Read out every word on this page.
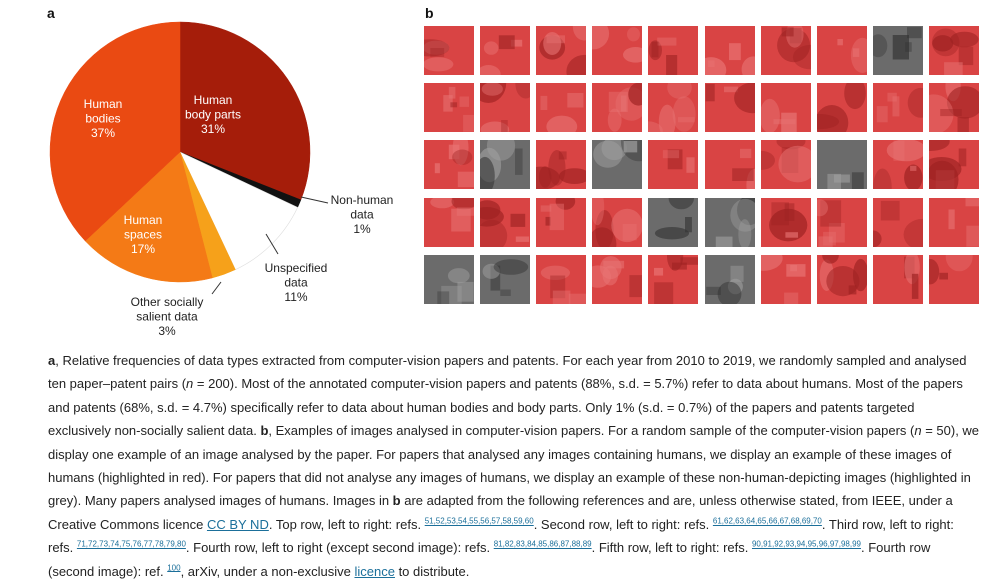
a	b
Human body parts 31%
Non-human data 1%
Unspecified data 11%
Other socially salient data 3%
Human spaces 17%
Human bodies 37%

a, Relative frequencies of data types extracted from computer-vision papers and patents. For each year from 2010 to 2019, we randomly sampled and analysed ten paper–patent pairs (n = 200). Most of the annotated computer-vision papers and patents (88%, s.d. = 5.7%) refer to data about humans. Most of the papers and patents (68%, s.d. = 4.7%) specifically refer to data about human bodies and body parts. Only 1% (s.d. = 0.7%) of the papers and patents targeted exclusively non-socially salient data. b, Examples of images analysed in computer-vision papers. For a random sample of the computer-vision papers (n = 50), we display one example of an image analysed by the paper. For papers that analysed any images containing humans, we display an example of these images of humans (highlighted in red). For papers that did not analyse any images of humans, we display an example of these non-human-depicting images (highlighted in grey). Many papers analysed images of humans. Images in b are adapted from the following references and are, unless otherwise stated, from IEEE, under a Creative Commons licence CC BY ND. Top row, left to right: refs. $^{51,52,53,54,55,56,57,58,59,60}$. Second row, left to right: refs. $^{61,62,63,64,65,66,67,68,69,70}$. Third row, left to right: refs. $^{71,72,73,74,75,76,77,78,79,80}$. Fourth row, left to right (except second image): refs. $^{81,82,83,84,85,86,87,88,89}$. Fifth row, left to right: refs. $^{90,91,92,93,94,95,96,97,98,99}$. Fourth row (second image): ref. $^{100}$, arXiv, under a non-exclusive licence to distribute.
